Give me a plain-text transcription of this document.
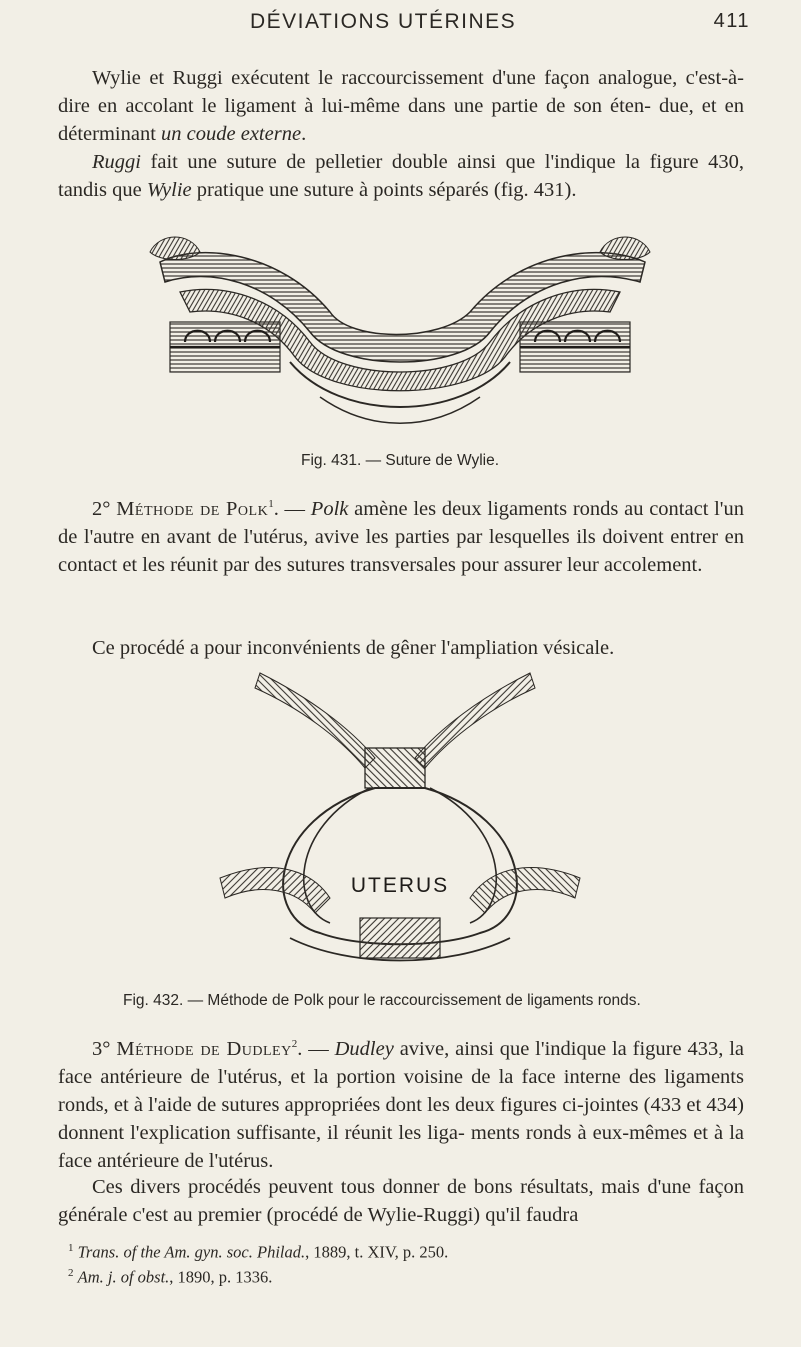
DÉVIATIONS UTÉRINES	411

Wylie et Ruggi exécutent le raccourcissement d'une façon analogue, c'est-à-dire en accolant le ligament à lui-même dans une partie de son éten- due, et en déterminant un coude externe.

Ruggi fait une suture de pelletier double ainsi que l'indique la figure 430, tandis que Wylie pratique une suture à points séparés (fig. 431).

Fig. 431. — Suture de Wylie.

2° Méthode de Polk$^1$. — Polk amène les deux ligaments ronds au contact l'un de l'autre en avant de l'utérus, avive les parties par lesquelles ils doivent entrer en contact et les réunit par des sutures transversales pour assurer leur accolement.

Ce procédé a pour inconvénients de gêner l'ampliation vésicale.

UTERUS
Fig. 432. — Méthode de Polk pour le raccourcissement de ligaments ronds.

3° Méthode de Dudley$^2$. — Dudley avive, ainsi que l'indique la figure 433, la face antérieure de l'utérus, et la portion voisine de la face interne des ligaments ronds, et à l'aide de sutures appropriées dont les deux figures ci-jointes (433 et 434) donnent l'explication suffisante, il réunit les liga- ments ronds à eux-mêmes et à la face antérieure de l'utérus.

Ces divers procédés peuvent tous donner de bons résultats, mais d'une façon générale c'est au premier (procédé de Wylie-Ruggi) qu'il faudra

$^1$ Trans. of the Am. gyn. soc. Philad., 1889, t. XIV, p. 250.
$^2$ Am. j. of obst., 1890, p. 1336.
